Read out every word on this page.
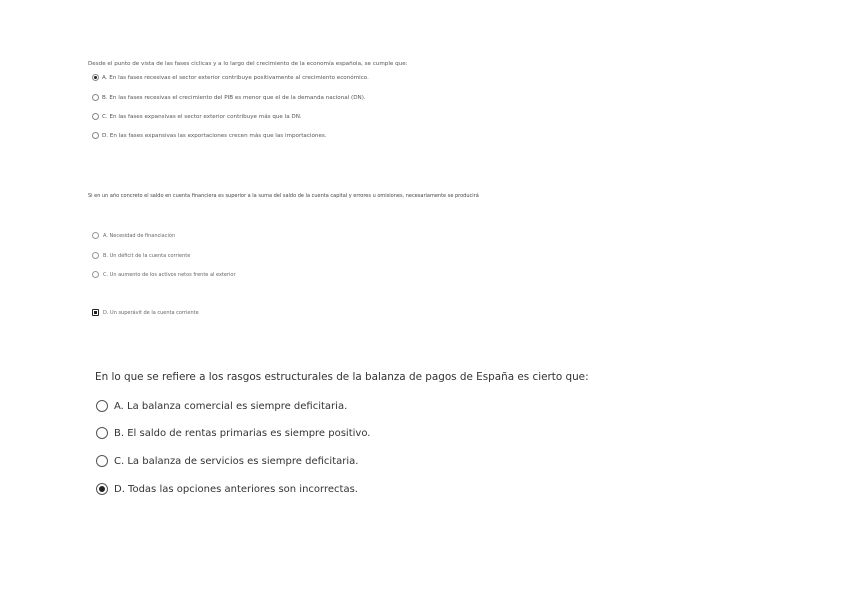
Desde el punto de vista de las fases cíclicas y a lo largo del crecimiento de la economía española, se cumple que:
A. En las fases recesivas el sector exterior contribuye positivamente al crecimiento económico.
B. En las fases recesivas el crecimiento del PIB es menor que el de la demanda nacional (DN).
C. En las fases expansivas el sector exterior contribuye más que la DN.
D. En las fases expansivas las exportaciones crecen más que las importaciones.
Si en un año concreto el saldo en cuenta financiera es superior a la suma del saldo de la cuenta capital y errores u omisiones, necesariamente se producirá
A. Necesidad de financiación
B. Un déficit de la cuenta corriente
C. Un aumento de los activos netos frente al exterior
D. Un superávit de la cuenta corriente
En lo que se refiere a los rasgos estructurales de la balanza de pagos de España es cierto que:
A. La balanza comercial es siempre deficitaria.
B. El saldo de rentas primarias es siempre positivo.
C. La balanza de servicios es siempre deficitaria.
D. Todas las opciones anteriores son incorrectas.
